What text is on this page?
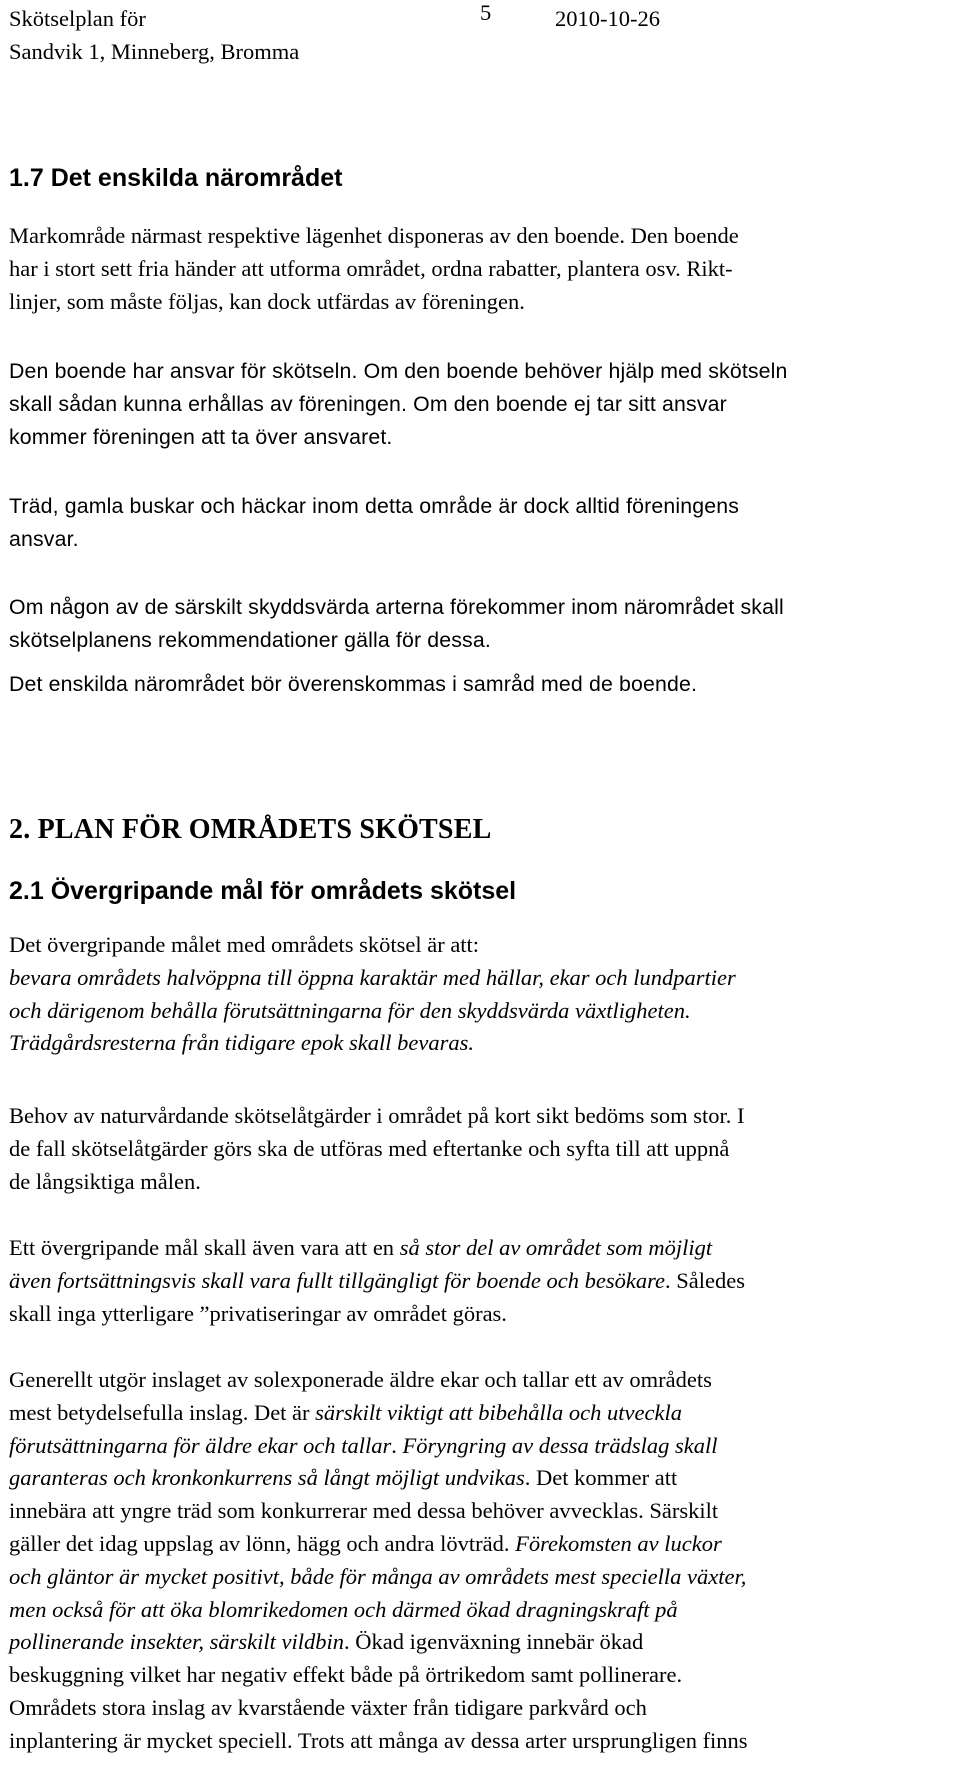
Skötselplan för
Sandvik 1, Minneberg, Bromma
5	2010-10-26
1.7 Det enskilda närområdet
Markområde närmast respektive lägenhet disponeras av den boende. Den boende
har i stort sett fria händer att utforma området, ordna rabatter, plantera osv. Rikt-
linjer, som måste följas, kan dock utfärdas av föreningen.
Den boende har ansvar för skötseln. Om den boende behöver hjälp med skötseln
skall sådan kunna erhållas av föreningen. Om den boende ej tar sitt ansvar
kommer föreningen att ta över ansvaret.
Träd, gamla buskar och häckar inom detta område är dock alltid föreningens
ansvar.
Om någon av de särskilt skyddsvärda arterna förekommer inom närområdet skall
skötselplanens rekommendationer gälla för dessa.
Det enskilda närområdet bör överenskommas i samråd med de boende.
2. PLAN FÖR OMRÅDETS SKÖTSEL
2.1 Övergripande mål för områdets skötsel
Det övergripande målet med områdets skötsel är att:
bevara områdets halvöppna till öppna karaktär med hällar, ekar och lundpartier
och därigenom behålla förutsättningarna för den skyddsvärda växtligheten.
Trädgårdsresterna från tidigare epok skall bevaras.
Behov av naturvårdande skötselåtgärder i området på kort sikt bedöms som stor. I
de fall skötselåtgärder görs ska de utföras med eftertanke och syfta till att uppnå
de långsiktiga målen.
Ett övergripande mål skall även vara att en så stor del av området som möjligt
även fortsättningsvis skall vara fullt tillgängligt för boende och besökare. Således
skall inga ytterligare ”privatiseringar av området göras.
Generellt utgör inslaget av solexponerade äldre ekar och tallar ett av områdets
mest betydelsefulla inslag. Det är särskilt viktigt att bibehålla och utveckla
förutsättningarna för äldre ekar och tallar. Föryngring av dessa trädslag skall
garanteras och kronkonkurrens så långt möjligt undvikas. Det kommer att
innebära att yngre träd som konkurrerar med dessa behöver avvecklas. Särskilt
gäller det idag uppslag av lönn, hägg och andra lövträd. Förekomsten av luckor
och gläntor är mycket positivt, både för många av områdets mest speciella växter,
men också för att öka blomrikedomen och därmed ökad dragningskraft på
pollinerande insekter, särskilt vildbin. Ökad igenväxning innebär ökad
beskuggning vilket har negativ effekt både på örtrikedom samt pollinerare.
Områdets stora inslag av kvarstående växter från tidigare parkvård och
inplantering är mycket speciell. Trots att många av dessa arter ursprungligen finns
